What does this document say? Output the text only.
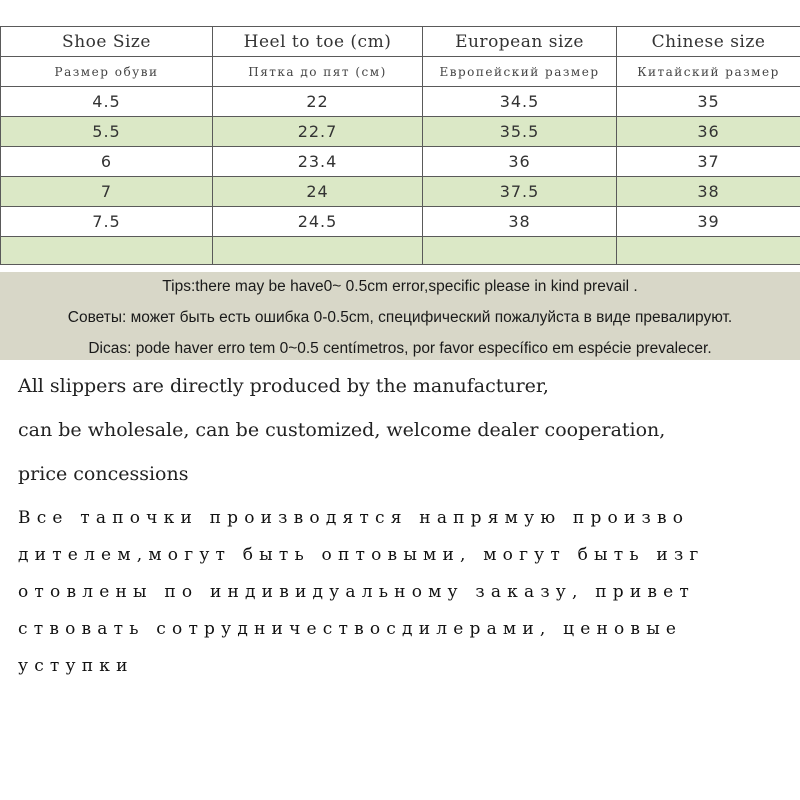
Shoe Size	Heel to toe (cm)	European size	Chinese size
Размер обуви	Пятка до пят (см)	Европейский размер	Китайский размер
4.5	22	34.5	35
5.5	22.7	35.5	36
6	23.4	36	37
7	24	37.5	38
7.5	24.5	38	39

Tips:there may be have0~ 0.5cm error,specific please in kind prevail .
Советы: может быть есть ошибка 0-0.5cm, специфический пожалуйста в виде превалируют.
Dicas: pode haver erro tem 0~0.5 centímetros, por favor específico em espécie prevalecer.
All slippers are directly produced by the manufacturer,
can be wholesale, can be customized, welcome dealer cooperation,
price concessions
Все тапочки производятся напрямую произво
дителем,могут быть оптовыми, могут быть изг
отовлены по индивидуальному заказу, привет
ствовать сотрудничествосдилерами, ценовые
уступки
